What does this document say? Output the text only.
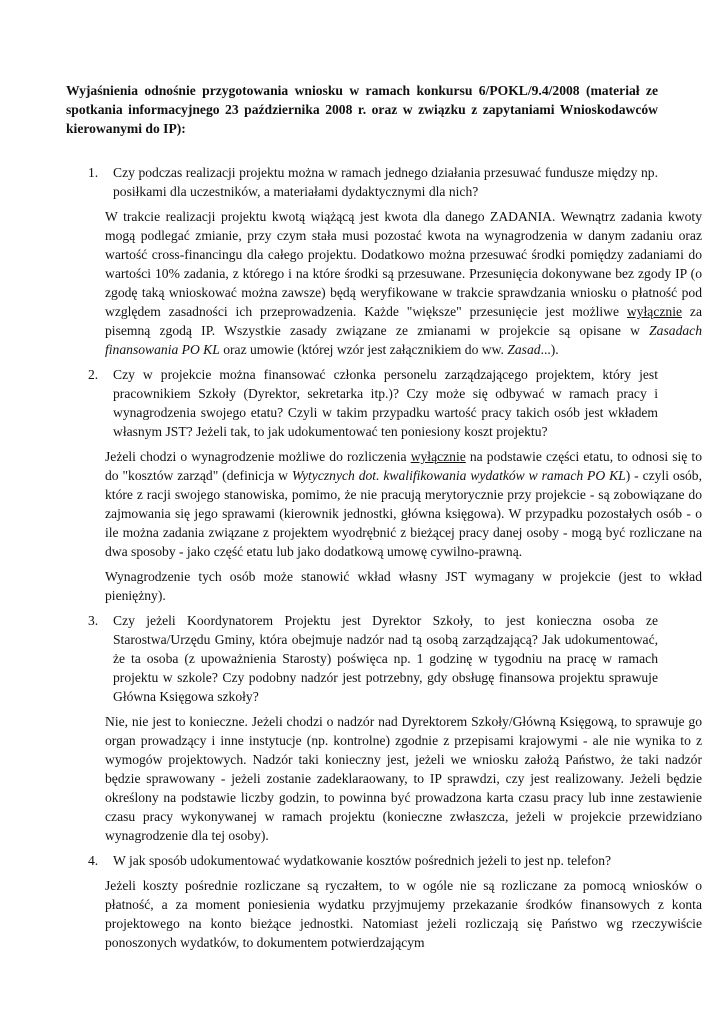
Wyjaśnienia odnośnie przygotowania wniosku w ramach konkursu 6/POKL/9.4/2008 (materiał ze spotkania informacyjnego 23 października 2008 r. oraz w związku z zapytaniami Wnioskodawców kierowanymi do IP):
1. Czy podczas realizacji projektu można w ramach jednego działania przesuwać fundusze między np. posiłkami dla uczestników, a materiałami dydaktycznymi dla nich?

W trakcie realizacji projektu kwotą wiążącą jest kwota dla danego ZADANIA. Wewnątrz zadania kwoty mogą podlegać zmianie, przy czym stała musi pozostać kwota na wynagrodzenia w danym zadaniu oraz wartość cross-financingu dla całego projektu. Dodatkowo można przesuwać środki pomiędzy zadaniami do wartości 10% zadania, z którego i na które środki są przesuwane. Przesunięcia dokonywane bez zgody IP (o zgodę taką wnioskować można zawsze) będą weryfikowane w trakcie sprawdzania wniosku o płatność pod względem zasadności ich przeprowadzenia. Każde "większe" przesunięcie jest możliwe wyłącznie za pisemną zgodą IP. Wszystkie zasady związane ze zmianami w projekcie są opisane w Zasadach finansowania PO KL oraz umowie (której wzór jest załącznikiem do ww. Zasad...).

2. Czy w projekcie można finansować członka personelu zarządzającego projektem, który jest pracownikiem Szkoły (Dyrektor, sekretarka itp.)? Czy może się odbywać w ramach pracy i wynagrodzenia swojego etatu? Czyli w takim przypadku wartość pracy takich osób jest wkładem własnym JST? Jeżeli tak, to jak udokumentować ten poniesiony koszt projektu?

Jeżeli chodzi o wynagrodzenie możliwe do rozliczenia wyłącznie na podstawie części etatu, to odnosi się to do "kosztów zarząd" (definicja w Wytycznych dot. kwalifikowania wydatków w ramach PO KL) - czyli osób, które z racji swojego stanowiska, pomimo, że nie pracują merytorycznie przy projekcie - są zobowiązane do zajmowania się jego sprawami (kierownik jednostki, główna księgowa). W przypadku pozostałych osób - o ile można zadania związane z projektem wyodrębnić z bieżącej pracy danej osoby - mogą być rozliczane na dwa sposoby - jako część etatu lub jako dodatkową umowę cywilno-prawną.

Wynagrodzenie tych osób może stanowić wkład własny JST wymagany w projekcie (jest to wkład pieniężny).

3. Czy jeżeli Koordynatorem Projektu jest Dyrektor Szkoły, to jest konieczna osoba ze Starostwa/Urzędu Gminy, która obejmuje nadzór nad tą osobą zarządzającą? Jak udokumentować, że ta osoba (z upoważnienia Starosty) poświęca np. 1 godzinę w tygodniu na pracę w ramach projektu w szkole? Czy podobny nadzór jest potrzebny, gdy obsługę finansowa projektu sprawuje Główna Księgowa szkoły?

Nie, nie jest to konieczne. Jeżeli chodzi o nadzór nad Dyrektorem Szkoły/Główną Księgową, to sprawuje go organ prowadzący i inne instytucje (np. kontrolne) zgodnie z przepisami krajowymi - ale nie wynika to z wymogów projektowych. Nadzór taki konieczny jest, jeżeli we wniosku założą Państwo, że taki nadzór będzie sprawowany - jeżeli zostanie zadeklaraowany, to IP sprawdzi, czy jest realizowany. Jeżeli będzie określony na podstawie liczby godzin, to powinna być prowadzona karta czasu pracy lub inne zestawienie czasu pracy wykonywanej w ramach projektu (konieczne zwłaszcza, jeżeli w projekcie przewidziano wynagrodzenie dla tej osoby).

4. W jak sposób udokumentować wydatkowanie kosztów pośrednich jeżeli to jest np. telefon?

Jeżeli koszty pośrednie rozliczane są ryczałtem, to w ogóle nie są rozliczane za pomocą wniosków o płatność, a za moment poniesienia wydatku przyjmujemy przekazanie środków finansowych z konta projektowego na konto bieżące jednostki. Natomiast jeżeli rozliczają się Państwo wg rzeczywiście ponoszonych wydatków, to dokumentem potwierdzającym
